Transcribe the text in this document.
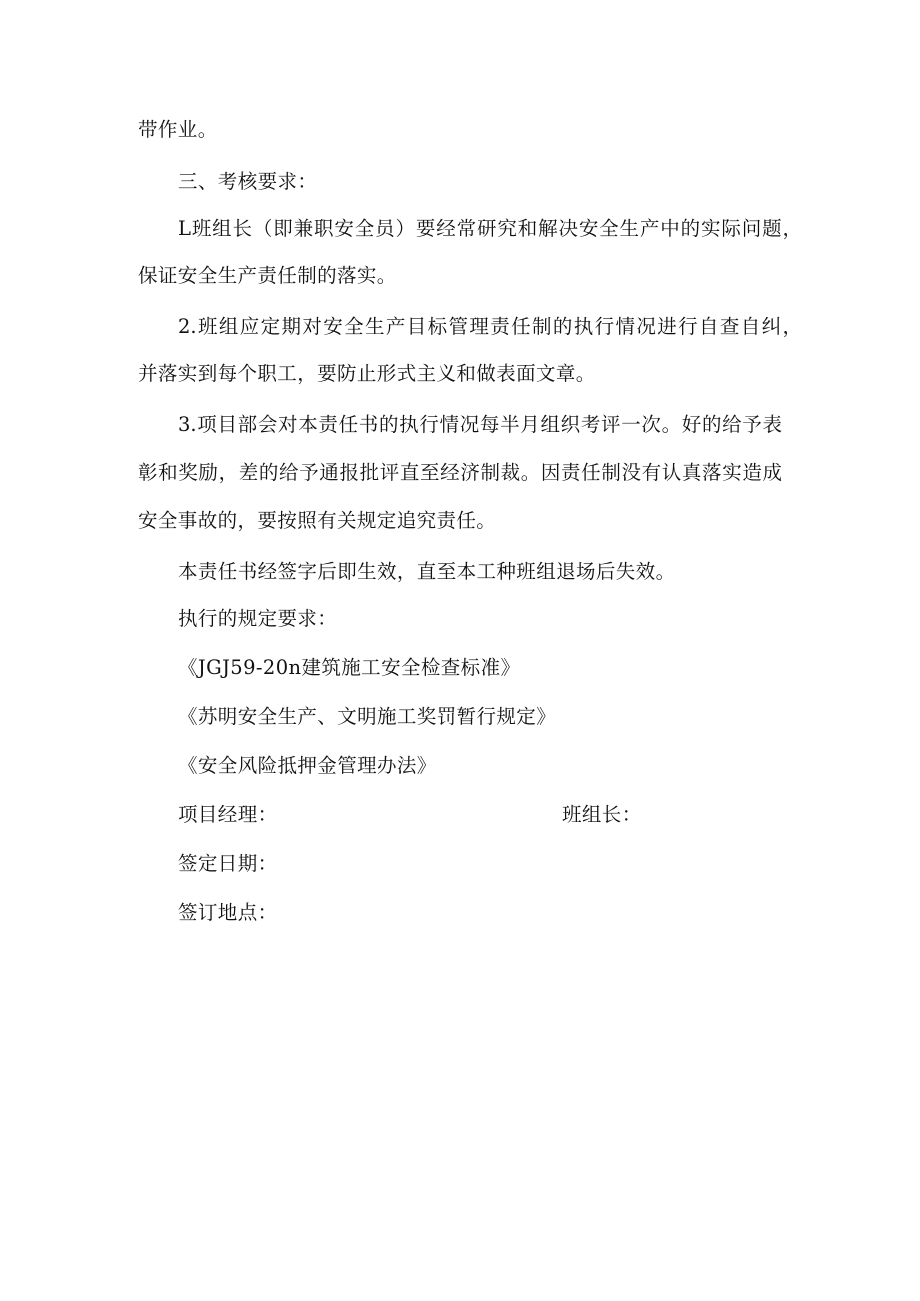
带作业。
三、考核要求：
L班组长（即兼职安全员）要经常研究和解决安全生产中的实际问题，
保证安全生产责任制的落实。
2.班组应定期对安全生产目标管理责任制的执行情况进行自查自纠，
并落实到每个职工，要防止形式主义和做表面文章。
3.项目部会对本责任书的执行情况每半月组织考评一次。好的给予表
彰和奖励，差的给予通报批评直至经济制裁。因责任制没有认真落实造成
安全事故的，要按照有关规定追究责任。
本责任书经签字后即生效，直至本工种班组退场后失效。
执行的规定要求：
《JGJ59-20n建筑施工安全检查标准》
《苏明安全生产、文明施工奖罚暂行规定》
《安全风险抵押金管理办法》
项目经理：	班组长：
签定日期：
签订地点：
